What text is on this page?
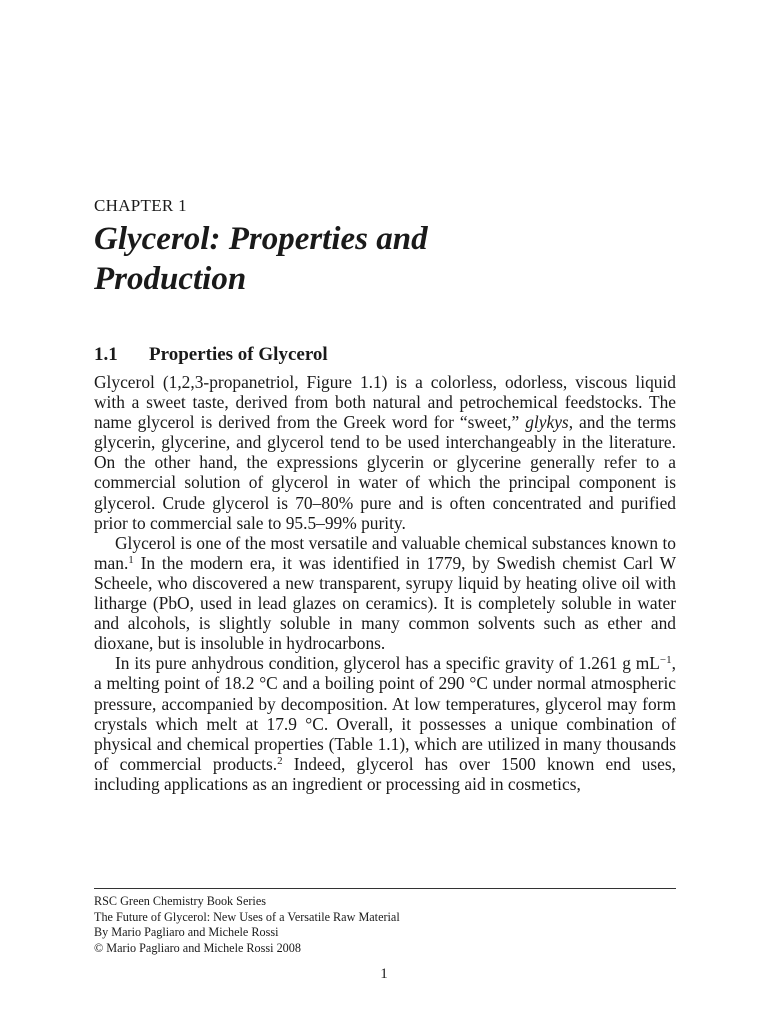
CHAPTER 1

Glycerol: Properties and Production
1.1 Properties of Glycerol

Glycerol (1,2,3-propanetriol, Figure 1.1) is a colorless, odorless, viscous liquid with a sweet taste, derived from both natural and petrochemical feedstocks. The name glycerol is derived from the Greek word for “sweet,” glykys, and the terms glycerin, glycerine, and glycerol tend to be used interchangeably in the literature. On the other hand, the expressions glycerin or glycerine generally refer to a commercial solution of glycerol in water of which the principal component is glycerol. Crude glycerol is 70–80% pure and is often concentrated and purified prior to commercial sale to 95.5–99% purity.

Glycerol is one of the most versatile and valuable chemical substances known to man.$^1$ In the modern era, it was identified in 1779, by Swedish chemist Carl W Scheele, who discovered a new transparent, syrupy liquid by heating olive oil with litharge (PbO, used in lead glazes on ceramics). It is completely soluble in water and alcohols, is slightly soluble in many common solvents such as ether and dioxane, but is insoluble in hydrocarbons.

In its pure anhydrous condition, glycerol has a specific gravity of 1.261 g $mL^{-1}$, a melting point of 18.2 °C and a boiling point of 290 °C under normal atmospheric pressure, accompanied by decomposition. At low temperatures, glycerol may form crystals which melt at 17.9 °C. Overall, it possesses a unique combination of physical and chemical properties (Table 1.1), which are utilized in many thousands of commercial products.$^2$ Indeed, glycerol has over 1500 known end uses, including applications as an ingredient or processing aid in cosmetics,

RSC Green Chemistry Book Series

The Future of Glycerol: New Uses of a Versatile Raw Material

By Mario Pagliaro and Michele Rossi

© Mario Pagliaro and Michele Rossi 2008

1
